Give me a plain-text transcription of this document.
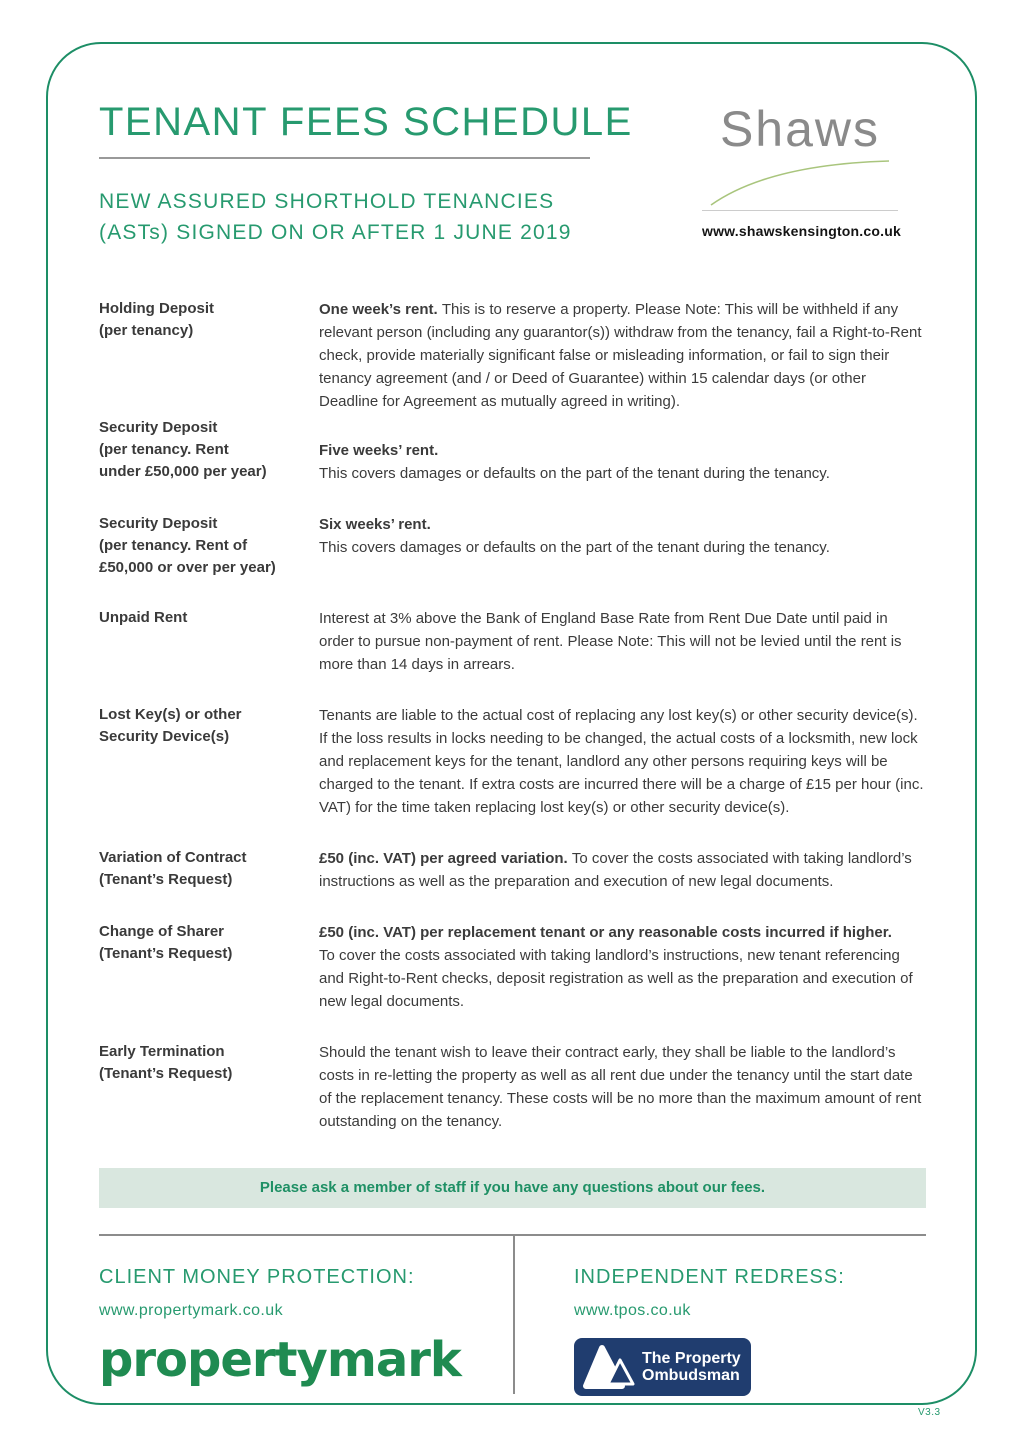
TENANT FEES SCHEDULE
NEW ASSURED SHORTHOLD TENANCIES
(ASTs) SIGNED ON OR AFTER 1 JUNE 2019
Shaws
www.shawskensington.co.uk
Holding Deposit
(per tenancy)
One week’s rent. This is to reserve a property. Please Note: This will be withheld if any relevant person (including any guarantor(s)) withdraw from the tenancy, fail a Right-to-Rent check, provide materially significant false or misleading information, or fail to sign their tenancy agreement (and / or Deed of Guarantee) within 15 calendar days (or other Deadline for Agreement as mutually agreed in writing).
Security Deposit
(per tenancy. Rent
under £50,000 per year)
Five weeks’ rent.
This covers damages or defaults on the part of the tenant during the tenancy.
Security Deposit
(per tenancy. Rent of
£50,000 or over per year)
Six weeks’ rent.
This covers damages or defaults on the part of the tenant during the tenancy.
Unpaid Rent	Interest at 3% above the Bank of England Base Rate from Rent Due Date until paid in order to pursue non-payment of rent. Please Note: This will not be levied until the rent is more than 14 days in arrears.
Lost Key(s) or other
Security Device(s)
Tenants are liable to the actual cost of replacing any lost key(s) or other security device(s). If the loss results in locks needing to be changed, the actual costs of a locksmith, new lock and replacement keys for the tenant, landlord any other persons requiring keys will be charged to the tenant. If extra costs are incurred there will be a charge of £15 per hour (inc. VAT) for the time taken replacing lost key(s) or other security device(s).
Variation of Contract
(Tenant’s Request)
£50 (inc. VAT) per agreed variation. To cover the costs associated with taking landlord’s instructions as well as the preparation and execution of new legal documents.
Change of Sharer
(Tenant’s Request)
£50 (inc. VAT) per replacement tenant or any reasonable costs incurred if higher.
To cover the costs associated with taking landlord’s instructions, new tenant referencing and Right-to-Rent checks, deposit registration as well as the preparation and execution of new legal documents.
Early Termination
(Tenant’s Request)
Should the tenant wish to leave their contract early, they shall be liable to the landlord’s costs in re-letting the property as well as all rent due under the tenancy until the start date of the replacement tenancy. These costs will be no more than the maximum amount of rent outstanding on the tenancy.
Please ask a member of staff if you have any questions about our fees.
CLIENT MONEY PROTECTION:
www.propertymark.co.uk
propertymark
INDEPENDENT REDRESS:
www.tpos.co.uk
The Property
Ombudsman
V3.3
